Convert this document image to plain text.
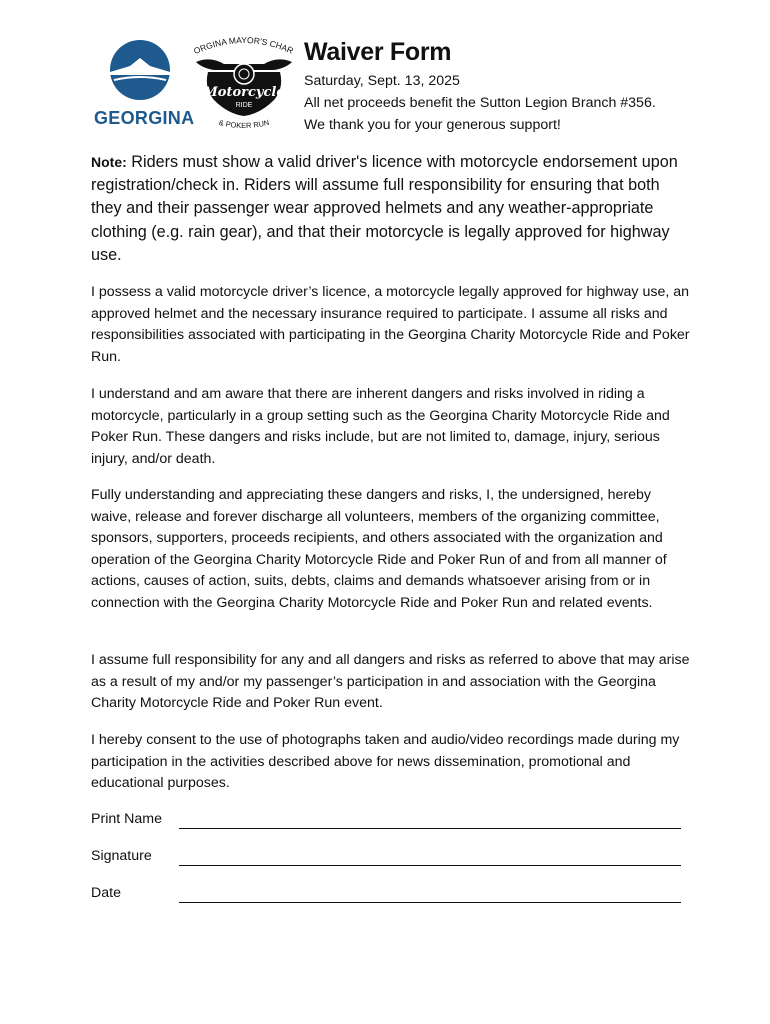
GEORGINA
ORGINA MAYOR'S CHAR
Motorcycle
RIDE
& POKER RUN
Waiver Form
Saturday, Sept. 13, 2025
All net proceeds benefit the Sutton Legion Branch #356.
We thank you for your generous support!
Note: Riders must show a valid driver's licence with motorcycle endorsement upon registration/check in. Riders will assume full responsibility for ensuring that both they and their passenger wear approved helmets and any weather-appropriate clothing (e.g. rain gear), and that their motorcycle is legally approved for highway use.
I possess a valid motorcycle driver’s licence, a motorcycle legally approved for highway use, an approved helmet and the necessary insurance required to participate. I assume all risks and responsibilities associated with participating in the Georgina Charity Motorcycle Ride and Poker Run.
I understand and am aware that there are inherent dangers and risks involved in riding a motorcycle, particularly in a group setting such as the Georgina Charity Motorcycle Ride and Poker Run. These dangers and risks include, but are not limited to, damage, injury, serious injury, and/or death.
Fully understanding and appreciating these dangers and risks, I, the undersigned, hereby waive, release and forever discharge all volunteers, members of the organizing committee, sponsors, supporters, proceeds recipients, and others associated with the organization and operation of the Georgina Charity Motorcycle Ride and Poker Run of and from all manner of actions, causes of action, suits, debts, claims and demands whatsoever arising from or in connection with the Georgina Charity Motorcycle Ride and Poker Run and related events.
I assume full responsibility for any and all dangers and risks as referred to above that may arise as a result of my and/or my passenger’s participation in and association with the Georgina Charity Motorcycle Ride and Poker Run event.
I hereby consent to the use of photographs taken and audio/video recordings made during my participation in the activities described above for news dissemination, promotional and educational purposes.
Print Name
Signature
Date
